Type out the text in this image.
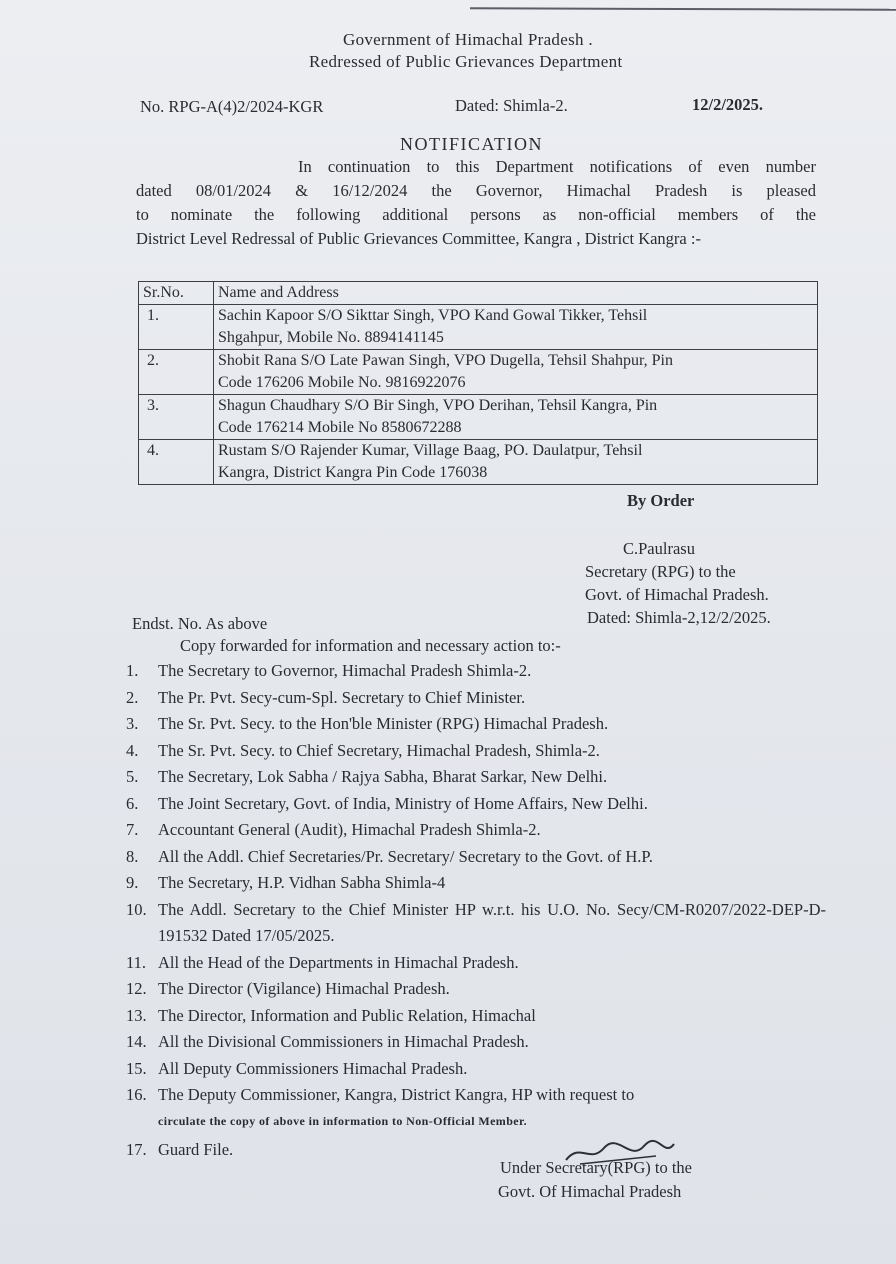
Government of Himachal Pradesh .
Redressed of Public Grievances Department
No. RPG-A(4)2/2024-KGR	Dated: Shimla-2.	12/2/2025.
NOTIFICATION
In continuation to this Department notifications of even number
dated 08/01/2024 & 16/12/2024 the Governor, Himachal Pradesh is pleased
to nominate the following additional persons as non-official members of the
District Level Redressal of Public Grievances Committee, Kangra , District Kangra :-
Sr.No.	Name and Address
1.	Sachin Kapoor S/O Sikttar Singh, VPO Kand Gowal Tikker, Tehsil
Shgahpur, Mobile No. 8894141145

2.	Shobit Rana S/O Late Pawan Singh, VPO Dugella, Tehsil Shahpur, Pin
Code 176206 Mobile No. 9816922076

3.	Shagun Chaudhary S/O Bir Singh, VPO Derihan, Tehsil Kangra, Pin
Code 176214 Mobile No 8580672288

4.	Rustam S/O Rajender Kumar, Village Baag, PO. Daulatpur, Tehsil
Kangra, District Kangra Pin Code 176038
By Order
C.Paulrasu
Secretary (RPG) to the
Govt. of Himachal Pradesh.
Dated: Shimla-2,12/2/2025.
Endst. No. As above
Copy forwarded for information and necessary action to:-
1.	The Secretary to Governor, Himachal Pradesh Shimla-2.
2.	The Pr. Pvt. Secy-cum-Spl. Secretary to Chief Minister.
3.	The Sr. Pvt. Secy. to the Hon'ble Minister (RPG) Himachal Pradesh.
4.	The Sr. Pvt. Secy. to Chief Secretary, Himachal Pradesh, Shimla-2.
5.	The Secretary, Lok Sabha / Rajya Sabha, Bharat Sarkar, New Delhi.
6.	The Joint Secretary, Govt. of India, Ministry of Home Affairs, New Delhi.
7.	Accountant General (Audit), Himachal Pradesh Shimla-2.
8.	All the Addl. Chief Secretaries/Pr. Secretary/ Secretary to the Govt. of H.P.
9.	The Secretary, H.P. Vidhan Sabha Shimla-4
10. The Addl. Secretary to the Chief Minister HP w.r.t. his U.O. No. Secy/CM-R0207/2022-DEP-D-191532 Dated 17/05/2025.
11. All the Head of the Departments in Himachal Pradesh.
12. The Director (Vigilance) Himachal Pradesh.
13. The Director, Information and Public Relation, Himachal
14. All the Divisional Commissioners in Himachal Pradesh.
15. All Deputy Commissioners Himachal Pradesh.
16. The Deputy Commissioner, Kangra, District Kangra, HP with request to
circulate the copy of above in information to Non-Official Member.
17. Guard File.
Under Secretary(RPG) to the
Govt. Of Himachal Pradesh
